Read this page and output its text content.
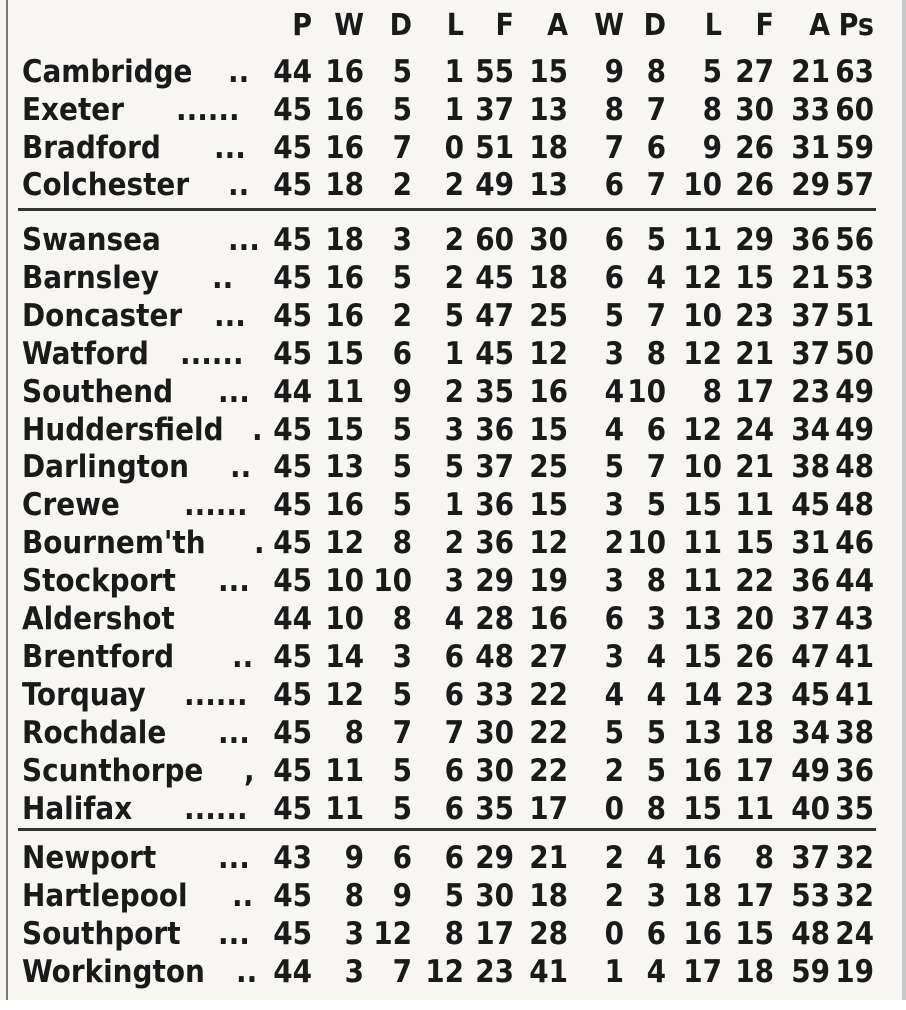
P W D	L	F	A W D	L	F	A Ps
Cambridge .. 44 16 5	1 55 15	9 8	5 27 21 63
Exeter ...... 45 16 5	1 37 13	8 7	8 30 33 60
Bradford ... 45 16 7	0 51 18	7 6	9 26 31 59
Colchester .. 45 18 2	2 49 13	6 7 10 26 29 57
Swansea ... 45 18 3	2 60 30	6 5 11 29 36 56
Barnsley .. 45 16 5	2 45 18	6 4 12 15 21 53
Doncaster ... 45 16 2	5 47 25	5 7 10 23 37 51
Watford ...... 45 15 6	1 45 12	3 8 12 21 37 50
Southend ... 44 11 9	2 35 16	4 10	8 17 23 49
Huddersfield . 45 15 5	3 36 15	4 6 12 24 34 49
Darlington .. 45 13 5	5 37 25	5 7 10 21 38 48
Crewe ...... 45 16 5	1 36 15	3 5 15 11 45 48
Bournem'th . 45 12 8	2 36 12	2 10 11 15 31 46
Stockport ... 45 10 10	3 29 19	3 8 11 22 36 44
Aldershot	44 10 8	4 28 16	6 3 13 20 37 43
Brentford .. 45 14 3	6 48 27	3 4 15 26 47 41
Torquay ...... 45 12 5	6 33 22	4 4 14 23 45 41
Rochdale ... 45	8 7	7 30 22	5 5 13 18 34 38
Scunthorpe , 45 11 5	6 30 22	2 5 16 17 49 36
Halifax ...... 45 11 5	6 35 17	0 8 15 11 40 35
Newport ... 43	9 6	6 29 21	2 4 16	8 37 32
Hartlepool .. 45	8 9	5 30 18	2 3 18 17 53 32
Southport ... 45	3 12	8 17 28	0 6 16 15 48 24
Workington .. 44	3 7 12 23 41	1 4 17 18 59 19
